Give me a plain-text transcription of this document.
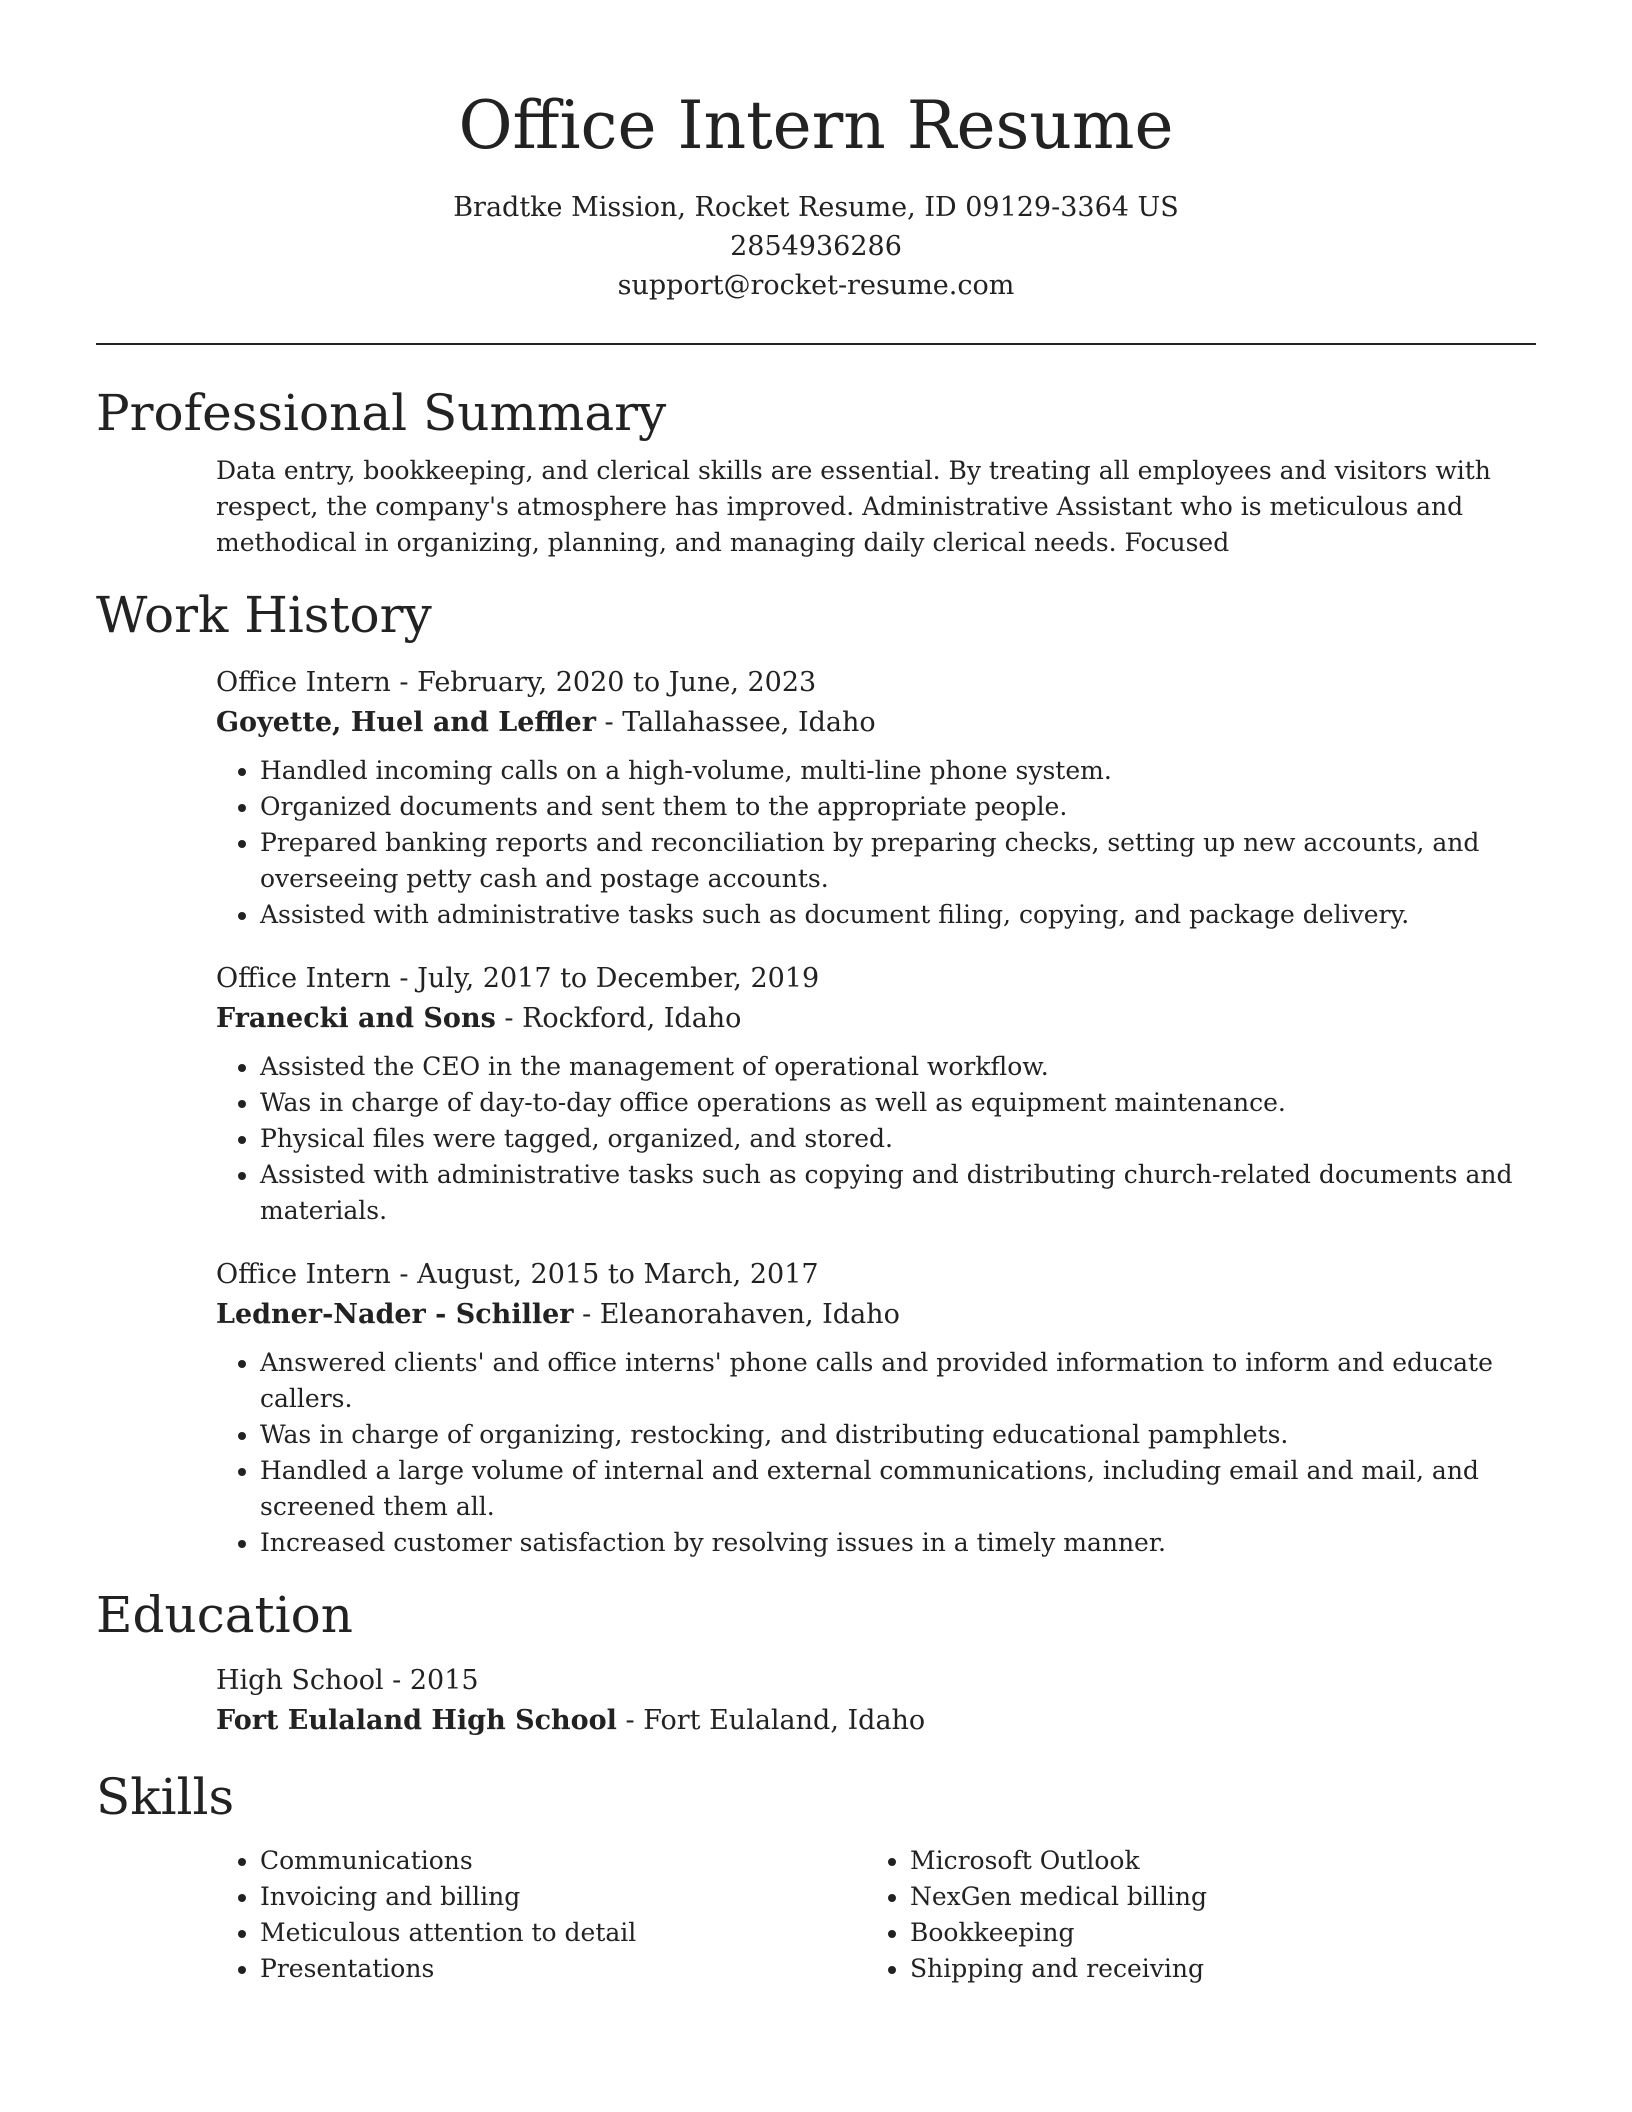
Office Intern Resume
Bradtke Mission, Rocket Resume, ID 09129-3364 US
2854936286
support@rocket-resume.com
Professional Summary
Data entry, bookkeeping, and clerical skills are essential. By treating all employees and visitors with respect, the company's atmosphere has improved. Administrative Assistant who is meticulous and methodical in organizing, planning, and managing daily clerical needs. Focused
Work History
Office Intern - February, 2020 to June, 2023
Goyette, Huel and Leffler - Tallahassee, Idaho
• Handled incoming calls on a high-volume, multi-line phone system.
• Organized documents and sent them to the appropriate people.
• Prepared banking reports and reconciliation by preparing checks, setting up new accounts, and overseeing petty cash and postage accounts.
• Assisted with administrative tasks such as document filing, copying, and package delivery.
Office Intern - July, 2017 to December, 2019
Franecki and Sons - Rockford, Idaho
• Assisted the CEO in the management of operational workflow.
• Was in charge of day-to-day office operations as well as equipment maintenance.
• Physical files were tagged, organized, and stored.
• Assisted with administrative tasks such as copying and distributing church-related documents and materials.
Office Intern - August, 2015 to March, 2017
Ledner-Nader - Schiller - Eleanorahaven, Idaho
• Answered clients' and office interns' phone calls and provided information to inform and educate callers.
• Was in charge of organizing, restocking, and distributing educational pamphlets.
• Handled a large volume of internal and external communications, including email and mail, and screened them all.
• Increased customer satisfaction by resolving issues in a timely manner.
Education
High School - 2015
Fort Eulaland High School - Fort Eulaland, Idaho
Skills
• Communications
• Invoicing and billing
• Meticulous attention to detail
• Presentations
• Microsoft Outlook
• NexGen medical billing
• Bookkeeping
• Shipping and receiving
